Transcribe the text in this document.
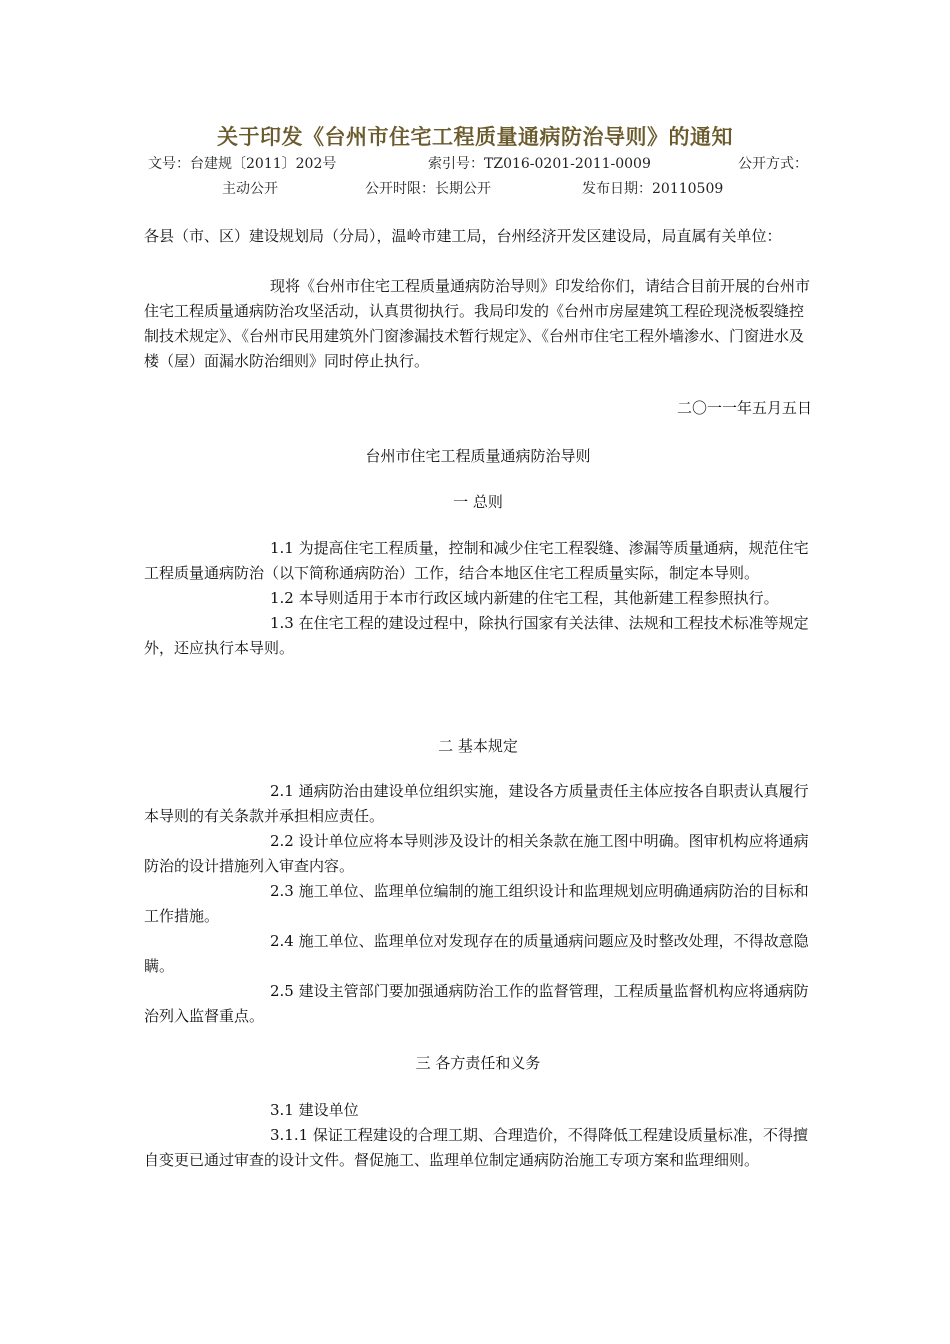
关于印发《台州市住宅工程质量通病防治导则》的通知
文号：台建规〔2011〕202号	索引号：TZ016-0201-2011-0009	公开方式：
主动公开	公开时限：长期公开	发布日期：20110509

各县（市、区）建设规划局（分局），温岭市建工局，台州经济开发区建设局，局直属有关单位：

现将《台州市住宅工程质量通病防治导则》印发给你们，请结合目前开展的台州市住宅工程质量通病防治攻坚活动，认真贯彻执行。我局印发的《台州市房屋建筑工程砼现浇板裂缝控制技术规定》、《台州市民用建筑外门窗渗漏技术暂行规定》、《台州市住宅工程外墙渗水、门窗进水及楼（屋）面漏水防治细则》同时停止执行。

二〇一一年五月五日

台州市住宅工程质量通病防治导则

一 总则

1.1 为提高住宅工程质量，控制和减少住宅工程裂缝、渗漏等质量通病，规范住宅工程质量通病防治（以下简称通病防治）工作，结合本地区住宅工程质量实际，制定本导则。

1.2 本导则适用于本市行政区域内新建的住宅工程，其他新建工程参照执行。

1.3 在住宅工程的建设过程中，除执行国家有关法律、法规和工程技术标准等规定外，还应执行本导则。

二 基本规定

2.1 通病防治由建设单位组织实施，建设各方质量责任主体应按各自职责认真履行本导则的有关条款并承担相应责任。

2.2 设计单位应将本导则涉及设计的相关条款在施工图中明确。图审机构应将通病防治的设计措施列入审查内容。

2.3 施工单位、监理单位编制的施工组织设计和监理规划应明确通病防治的目标和工作措施。

2.4 施工单位、监理单位对发现存在的质量通病问题应及时整改处理，不得故意隐瞒。

2.5 建设主管部门要加强通病防治工作的监督管理，工程质量监督机构应将通病防治列入监督重点。

三 各方责任和义务

3.1 建设单位

3.1.1 保证工程建设的合理工期、合理造价，不得降低工程建设质量标准，不得擅自变更已通过审查的设计文件。督促施工、监理单位制定通病防治施工专项方案和监理细则。
